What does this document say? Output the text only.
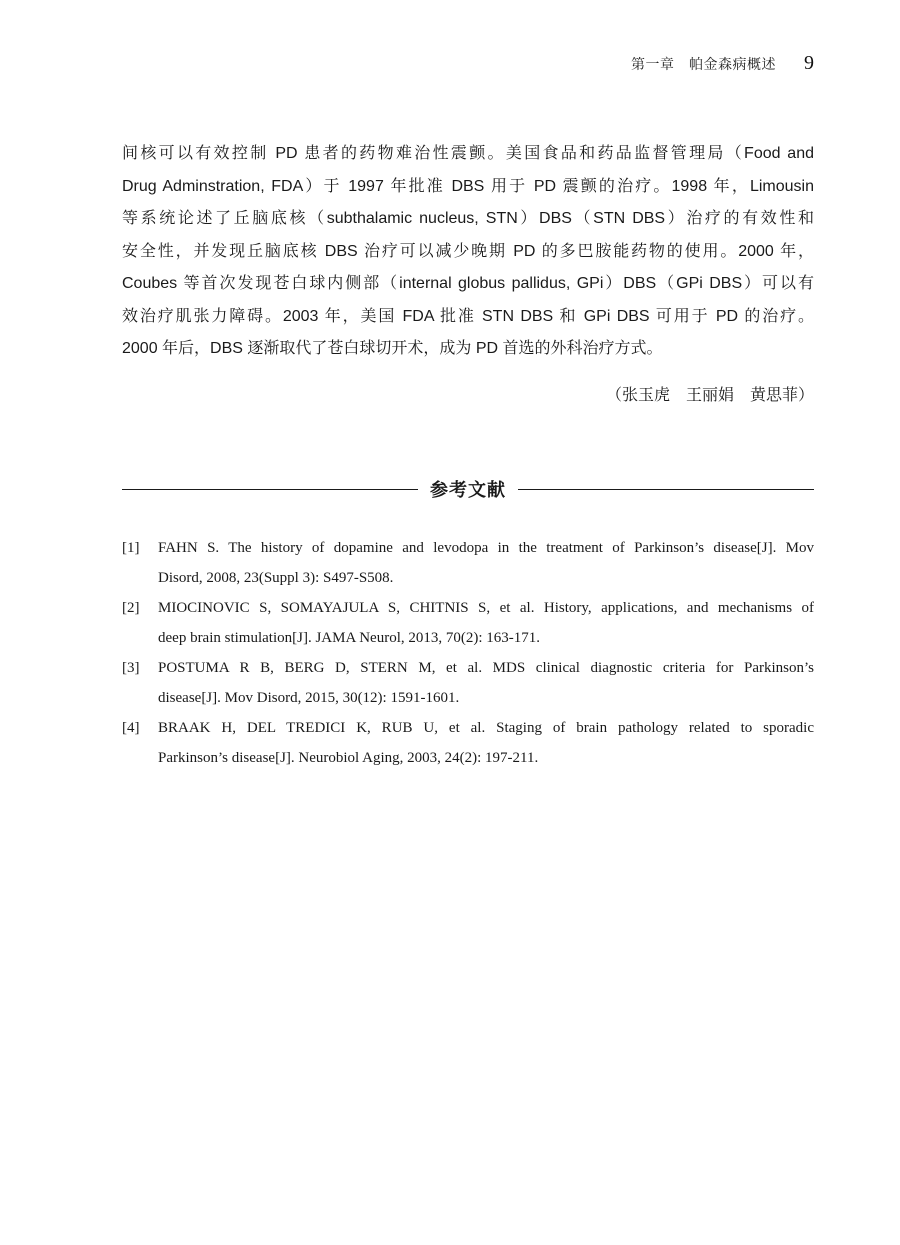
第一章　帕金森病概述 9
间核可以有效控制 PD 患者的药物难治性震颤。美国食品和药品监督管理局（Food and
Drug Adminstration, FDA）于 1997 年批准 DBS 用于 PD 震颤的治疗。1998 年，Limousin
等系统论述了丘脑底核（subthalamic nucleus, STN）DBS（STN DBS）治疗的有效性和
安全性，并发现丘脑底核 DBS 治疗可以减少晚期 PD 的多巴胺能药物的使用。2000 年，
Coubes 等首次发现苍白球内侧部（internal globus pallidus, GPi）DBS（GPi DBS）可以有
效治疗肌张力障碍。2003 年，美国 FDA 批准 STN DBS 和 GPi DBS 可用于 PD 的治疗。
2000 年后，DBS 逐渐取代了苍白球切开术，成为 PD 首选的外科治疗方式。
（张玉虎　王丽娟　黄思菲）
参考文献
[1]	FAHN S. The history of dopamine and levodopa in the treatment of Parkinson’s disease[J]. Mov
Disord, 2008, 23(Suppl 3): S497-S508.
[2]	MIOCINOVIC S, SOMAYAJULA S, CHITNIS S, et al. History, applications, and mechanisms of
deep brain stimulation[J]. JAMA Neurol, 2013, 70(2): 163-171.
[3]	POSTUMA R B, BERG D, STERN M, et al. MDS clinical diagnostic criteria for Parkinson’s
disease[J]. Mov Disord, 2015, 30(12): 1591-1601.
[4]	BRAAK H, DEL TREDICI K, RUB U, et al. Staging of brain pathology related to sporadic
Parkinson’s disease[J]. Neurobiol Aging, 2003, 24(2): 197-211.
